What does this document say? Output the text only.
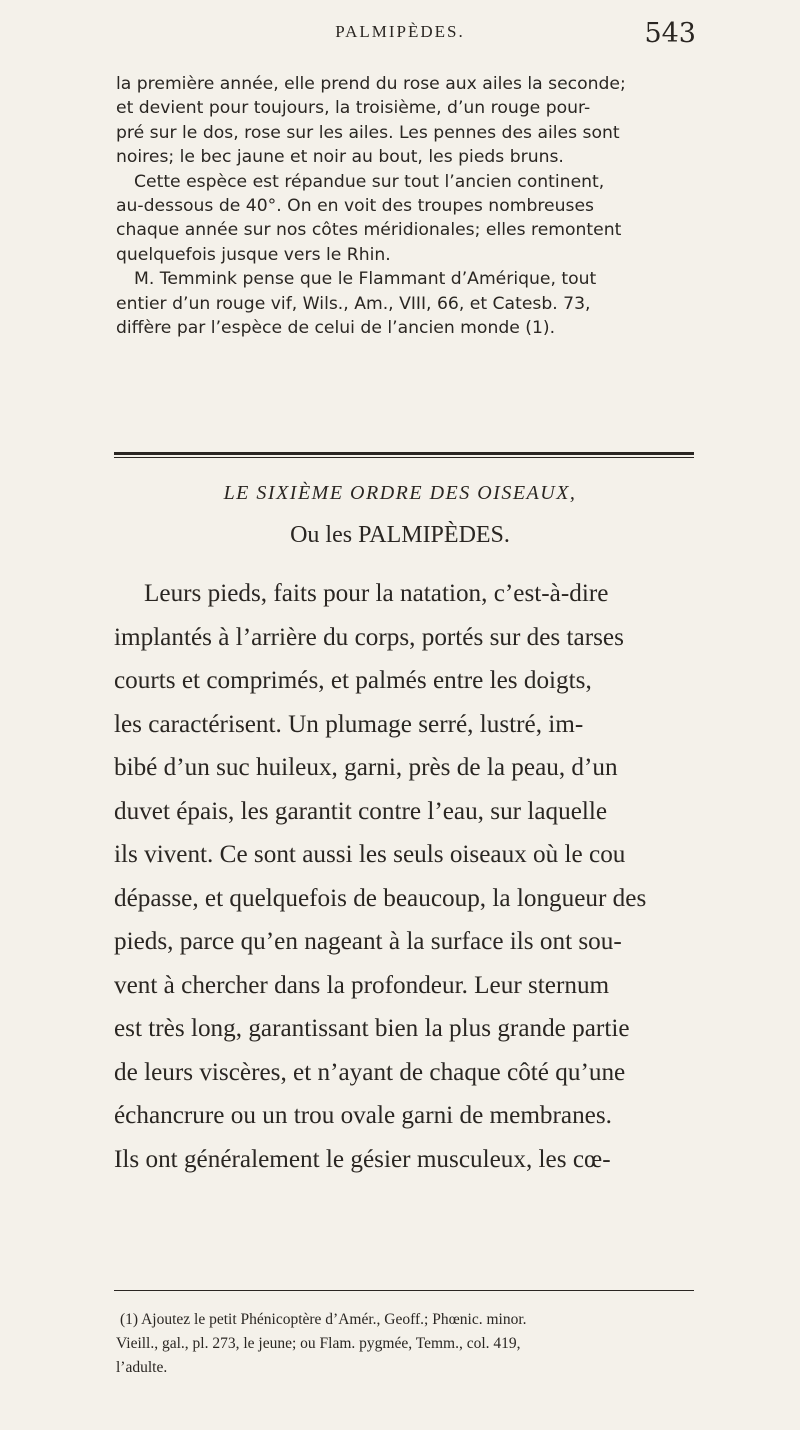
PALMIPÈDES.	543
la première année, elle prend du rose aux ailes la seconde;
et devient pour toujours, la troisième, d’un rouge pour-
pré sur le dos, rose sur les ailes. Les pennes des ailes sont
noires; le bec jaune et noir au bout, les pieds bruns.
Cette espèce est répandue sur tout l’ancien continent,
au-dessous de 40°. On en voit des troupes nombreuses
chaque année sur nos côtes méridionales; elles remontent
quelquefois jusque vers le Rhin.
M. Temmink pense que le Flammant d’Amérique, tout
entier d’un rouge vif, Wils., Am., VIII, 66, et Catesb. 73,
diffère par l’espèce de celui de l’ancien monde (1).
LE SIXIÈME ORDRE DES OISEAUX,
Ou les PALMIPÈDES.
Leurs pieds, faits pour la natation, c’est-à-dire
implantés à l’arrière du corps, portés sur des tarses
courts et comprimés, et palmés entre les doigts,
les caractérisent. Un plumage serré, lustré, im-
bibé d’un suc huileux, garni, près de la peau, d’un
duvet épais, les garantit contre l’eau, sur laquelle
ils vivent. Ce sont aussi les seuls oiseaux où le cou
dépasse, et quelquefois de beaucoup, la longueur des
pieds, parce qu’en nageant à la surface ils ont sou-
vent à chercher dans la profondeur. Leur sternum
est très long, garantissant bien la plus grande partie
de leurs viscères, et n’ayant de chaque côté qu’une
échancrure ou un trou ovale garni de membranes.
Ils ont généralement le gésier musculeux, les cœ-
(1) Ajoutez le petit Phénicoptère d’Amér., Geoff.; Phœnic. minor.
Vieill., gal., pl. 273, le jeune; ou Flam. pygmée, Temm., col. 419,
l’adulte.
